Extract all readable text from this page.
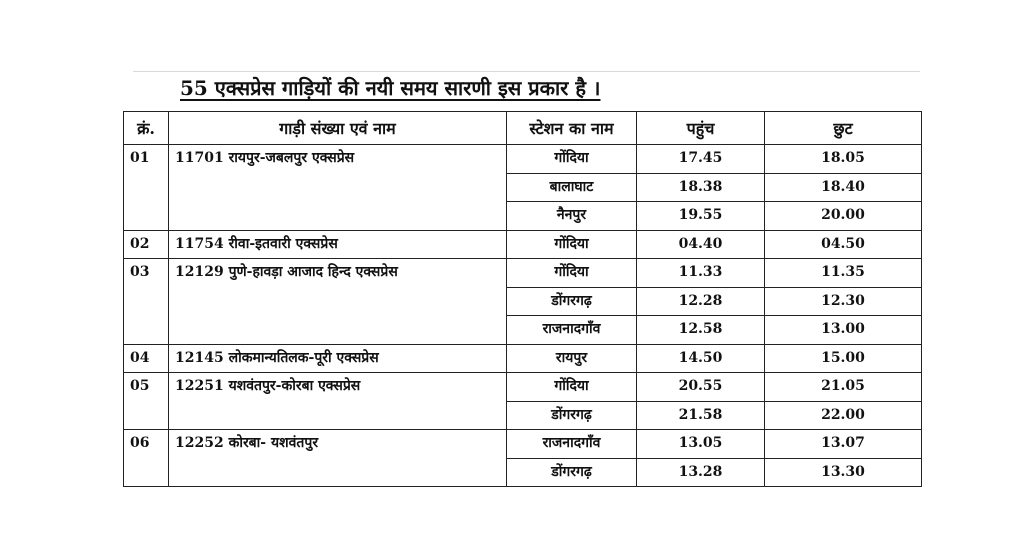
55 एक्सप्रेस गाड़ियों की नयी समय सारणी इस प्रकार है ।
क्रं.	गाड़ी संख्या एवं नाम	स्टेशन का नाम	पहुंच	छुट
01	11701 रायपुर-जबलपुर एक्सप्रेस	गोंदिया	17.45	18.05
		बालाघाट	18.38	18.40
		नैनपुर	19.55	20.00
02	11754 रीवा-इतवारी एक्सप्रेस	गोंदिया	04.40	04.50
03	12129 पुणे-हावड़ा आजाद हिन्द एक्सप्रेस	गोंदिया	11.33	11.35
		डोंगरगढ़	12.28	12.30
		राजनादगाँव	12.58	13.00
04	12145 लोकमान्यतिलक-पूरी एक्सप्रेस	रायपुर	14.50	15.00
05	12251 यशवंतपुर-कोरबा एक्सप्रेस	गोंदिया	20.55	21.05
		डोंगरगढ़	21.58	22.00
06	12252 कोरबा- यशवंतपुर	राजनादगाँव	13.05	13.07
		डोंगरगढ़	13.28	13.30
